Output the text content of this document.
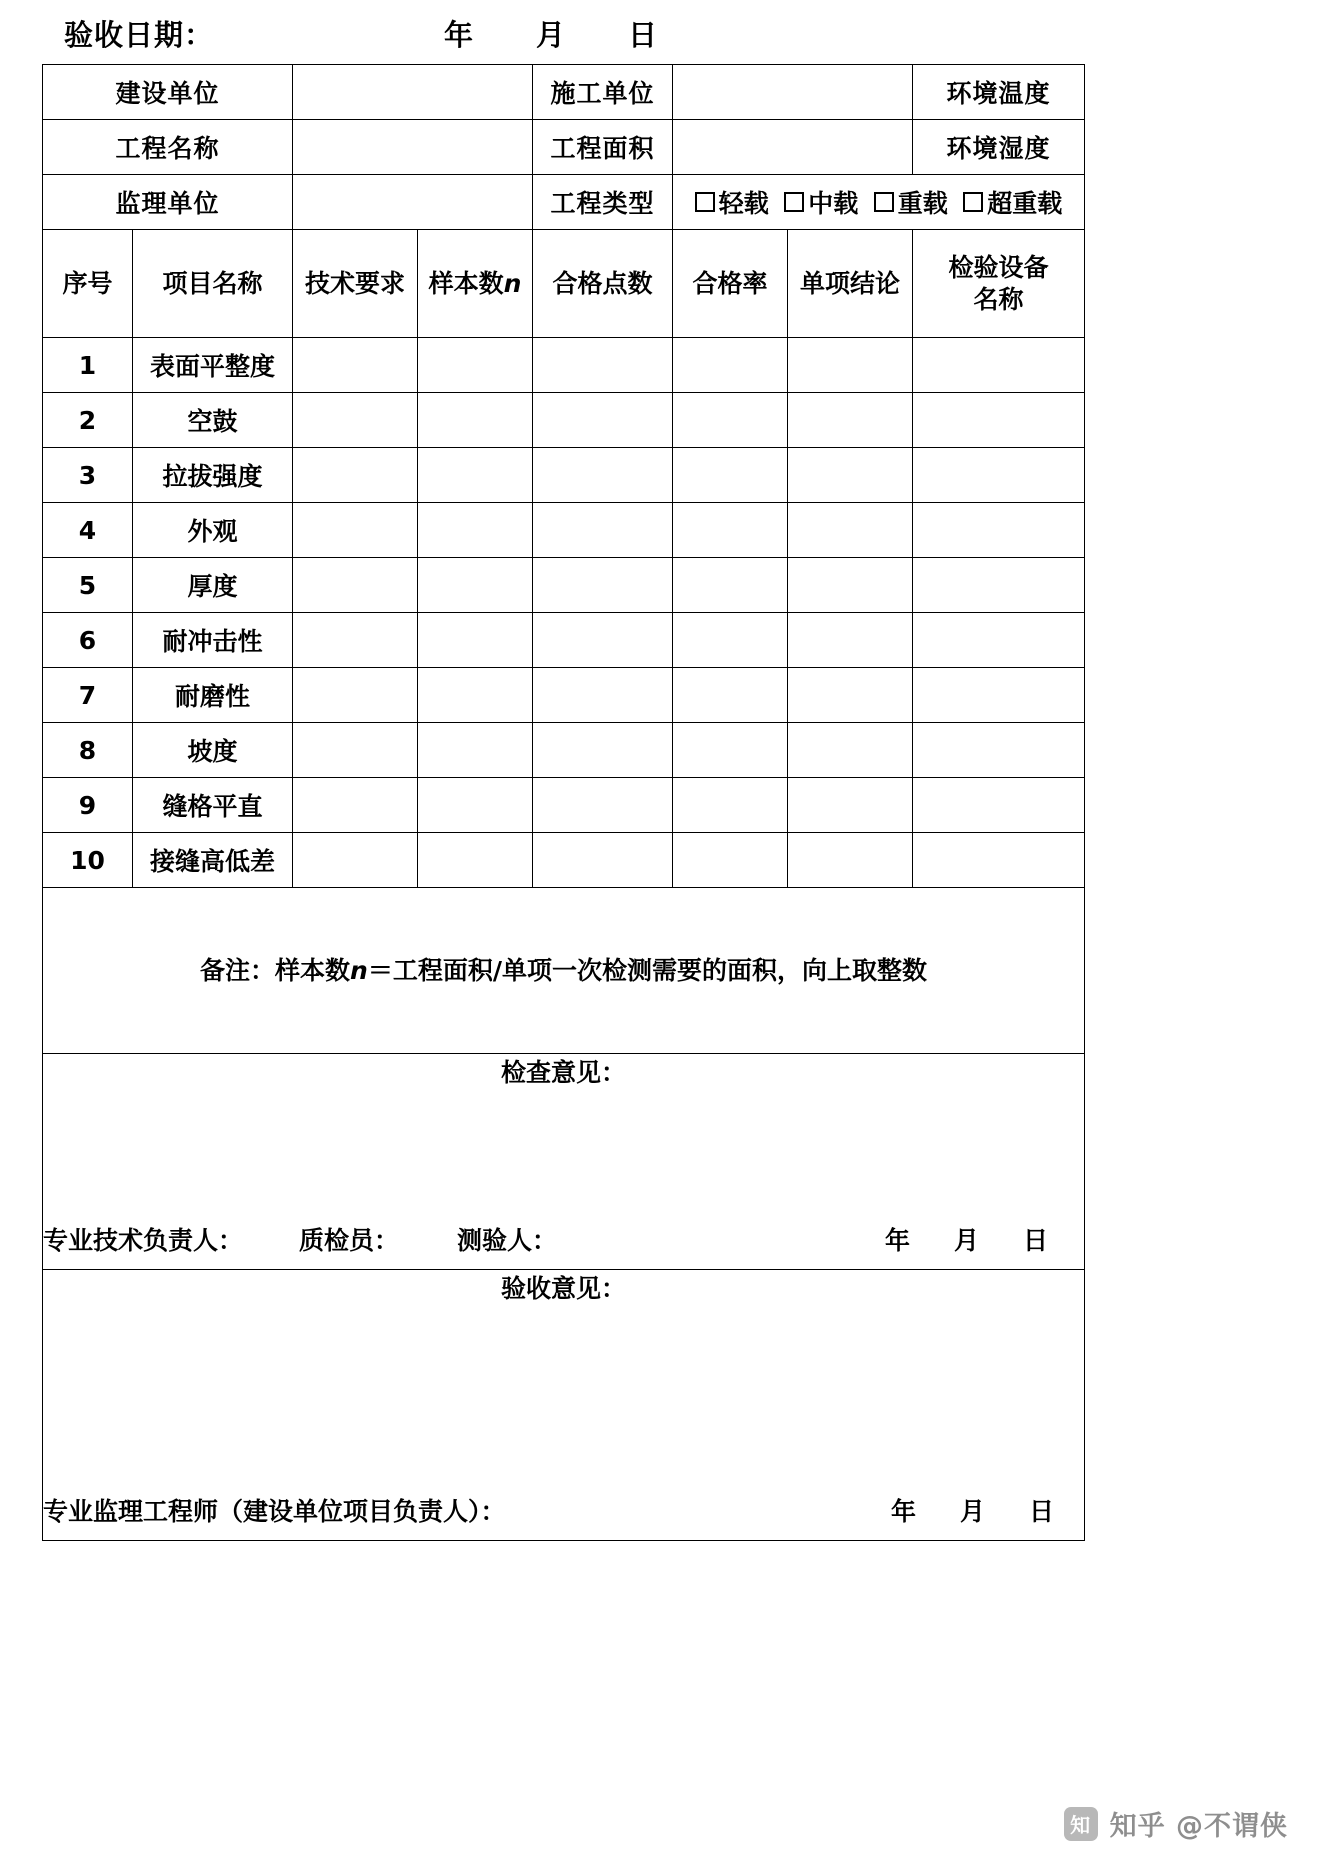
验收日期：	年 月 日
建设单位				施工单位			环境温度
工程名称				工程面积			环境湿度
监理单位				工程类型	轻载 中载 重载 超重载		

序号	项目名称	技术要求	样本数n	合格点数	合格率	单项结论	检验设备
名称

1	表面平整度						
2	空鼓						
3	拉拔强度						
4	外观						
5	厚度						
6	耐冲击性						
7	耐磨性						
8	坡度						
9	缝格平直						
10	接缝高低差						
备注：样本数n＝工程面积/单项一次检测需要的面积，向上取整数							

检查意见：
专业技术负责人： 质检员： 测验人：	年 月 日

验收意见：
专业监理工程师（建设单位项目负责人）： 年 月 日							
知 知乎 @不谓侠
